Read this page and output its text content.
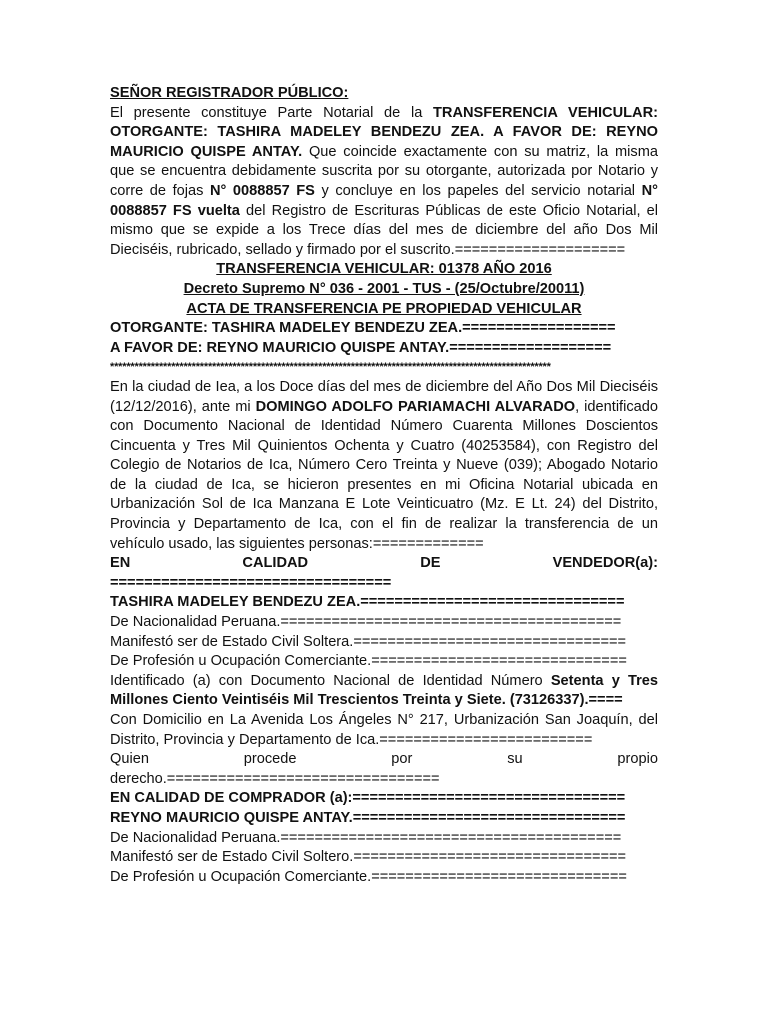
SEÑOR REGISTRADOR PÚBLICO:

El presente constituye Parte Notarial de la TRANSFERENCIA VEHICULAR: OTORGANTE: TASHIRA MADELEY BENDEZU ZEA. A FAVOR DE: REYNO MAURICIO QUISPE ANTAY. Que coincide exactamente con su matriz, la misma que se encuentra debidamente suscrita por su otorgante, autorizada por Notario y corre de fojas N° 0088857 FS y concluye en los papeles del servicio notarial N° 0088857 FS vuelta del Registro de Escrituras Públicas de este Oficio Notarial, el mismo que se expide a los Trece días del mes de diciembre del año Dos Mil Dieciséis, rubricado, sellado y firmado por el suscrito.====================

TRANSFERENCIA VEHICULAR: 01378 AÑO 2016

Decreto Supremo N° 036 - 2001 - TUS - (25/Octubre/20011)

ACTA DE TRANSFERENCIA PE PROPIEDAD VEHICULAR

OTORGANTE: TASHIRA MADELEY BENDEZU ZEA.==================

A FAVOR DE: REYNO MAURICIO QUISPE ANTAY.===================

************************************************************************************************************

En la ciudad de Iea, a los Doce días del mes de diciembre del Año Dos Mil Dieciséis (12/12/2016), ante mi DOMINGO ADOLFO PARIAMACHI ALVARADO, identificado con Documento Nacional de Identidad Número Cuarenta Millones Doscientos Cincuenta y Tres Mil Quinientos Ochenta y Cuatro (40253584), con Registro del Colegio de Notarios de Ica, Número Cero Treinta y Nueve (039); Abogado Notario de la ciudad de Ica, se hicieron presentes en mi Oficina Notarial ubicada en Urbanización Sol de Ica Manzana E Lote Veinticuatro (Mz. E Lt. 24) del Distrito, Provincia y Departamento de Ica, con el fin de realizar la transferencia de un vehículo usado, las siguientes personas:=============

EN CALIDAD DE VENDEDOR(a):

=================================

TASHIRA MADELEY BENDEZU ZEA.===============================

De Nacionalidad Peruana.========================================

Manifestó ser de Estado Civil Soltera.================================

De Profesión u Ocupación Comerciante.==============================

Identificado (a) con Documento Nacional de Identidad Número Setenta y Tres Millones Ciento Veintiséis Mil Trescientos Treinta y Siete. (73126337).====

Con Domicilio en La Avenida Los Ángeles N° 217, Urbanización San Joaquín, del Distrito, Provincia y Departamento de Ica.=========================

Quien procede por su propio derecho.================================

EN CALIDAD DE COMPRADOR (a):================================

REYNO MAURICIO QUISPE ANTAY.================================

De Nacionalidad Peruana.========================================

Manifestó ser de Estado Civil Soltero.================================

De Profesión u Ocupación Comerciante.==============================
